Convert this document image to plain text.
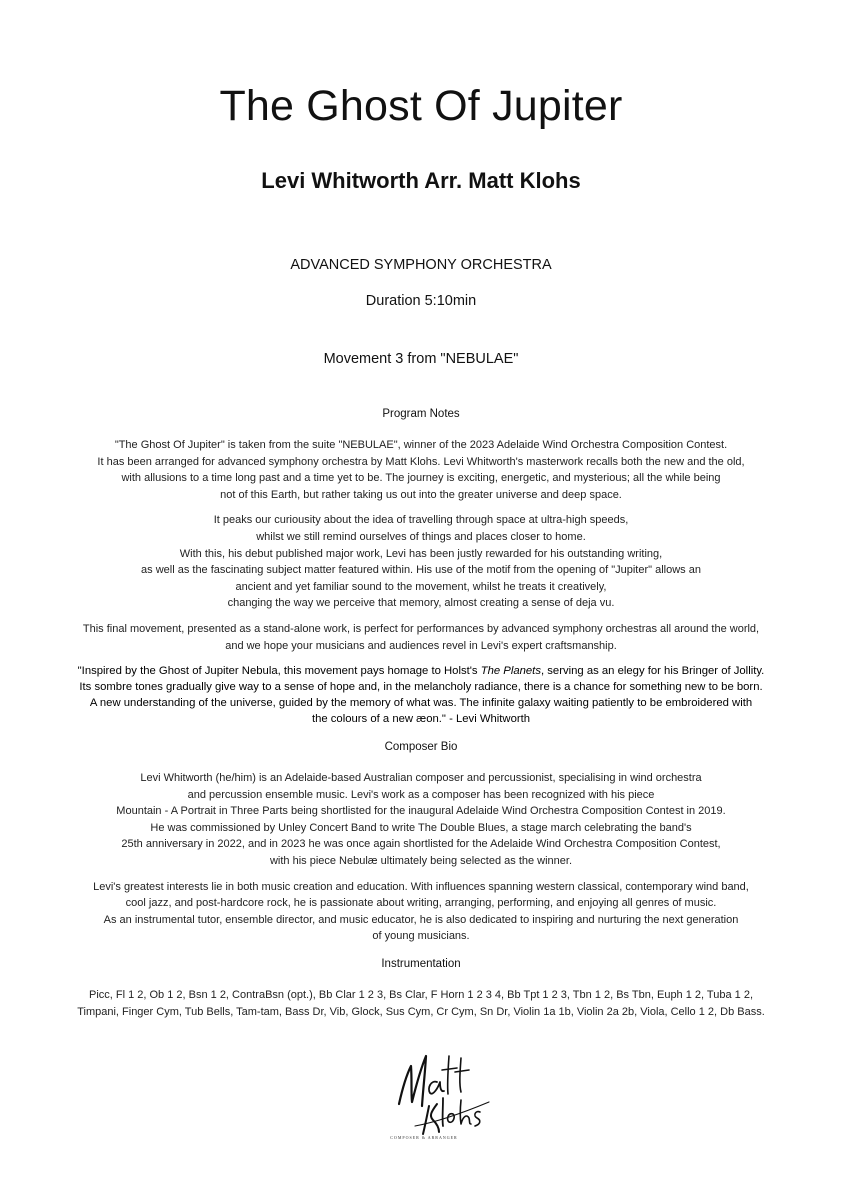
The Ghost Of Jupiter
Levi Whitworth Arr. Matt Klohs
ADVANCED SYMPHONY ORCHESTRA
Duration 5:10min
Movement 3 from "NEBULAE"
Program Notes

"The Ghost Of Jupiter" is taken from the suite "NEBULAE", winner of the 2023 Adelaide Wind Orchestra Composition Contest.
It has been arranged for advanced symphony orchestra by Matt Klohs. Levi Whitworth's masterwork recalls both the new and the old,
with allusions to a time long past and a time yet to be. The journey is exciting, energetic, and mysterious; all the while being
not of this Earth, but rather taking us out into the greater universe and deep space.

It peaks our curiousity about the idea of travelling through space at ultra-high speeds,
whilst we still remind ourselves of things and places closer to home.
With this, his debut published major work, Levi has been justly rewarded for his outstanding writing,
as well as the fascinating subject matter featured within. His use of the motif from the opening of "Jupiter" allows an
ancient and yet familiar sound to the movement, whilst he treats it creatively,
changing the way we perceive that memory, almost creating a sense of deja vu.

This final movement, presented as a stand-alone work, is perfect for performances by advanced symphony orchestras all around the world,
and we hope your musicians and audiences revel in Levi's expert craftsmanship.

"Inspired by the Ghost of Jupiter Nebula, this movement pays homage to Holst's The Planets, serving as an elegy for his Bringer of Jollity.
Its sombre tones gradually give way to a sense of hope and, in the melancholy radiance, there is a chance for something new to be born.
A new understanding of the universe, guided by the memory of what was. The infinite galaxy waiting patiently to be embroidered with
the colours of a new æon." - Levi Whitworth

Composer Bio

Levi Whitworth (he/him) is an Adelaide-based Australian composer and percussionist, specialising in wind orchestra
and percussion ensemble music. Levi's work as a composer has been recognized with his piece
Mountain - A Portrait in Three Parts being shortlisted for the inaugural Adelaide Wind Orchestra Composition Contest in 2019.
He was commissioned by Unley Concert Band to write The Double Blues, a stage march celebrating the band's
25th anniversary in 2022, and in 2023 he was once again shortlisted for the Adelaide Wind Orchestra Composition Contest,
with his piece Nebulæ ultimately being selected as the winner.

Levi's greatest interests lie in both music creation and education. With influences spanning western classical, contemporary wind band,
cool jazz, and post-hardcore rock, he is passionate about writing, arranging, performing, and enjoying all genres of music.
As an instrumental tutor, ensemble director, and music educator, he is also dedicated to inspiring and nurturing the next generation
of young musicians.

Instrumentation
Picc, Fl 1 2, Ob 1 2, Bsn 1 2, ContraBsn (opt.), Bb Clar 1 2 3, Bs Clar, F Horn 1 2 3 4, Bb Tpt 1 2 3, Tbn 1 2, Bs Tbn, Euph 1 2, Tuba 1 2,
Timpani, Finger Cym, Tub Bells, Tam-tam, Bass Dr, Vib, Glock, Sus Cym, Cr Cym, Sn Dr, Violin 1a 1b, Violin 2a 2b, Viola, Cello 1 2, Db Bass.
COMPOSER & ARRANGER
